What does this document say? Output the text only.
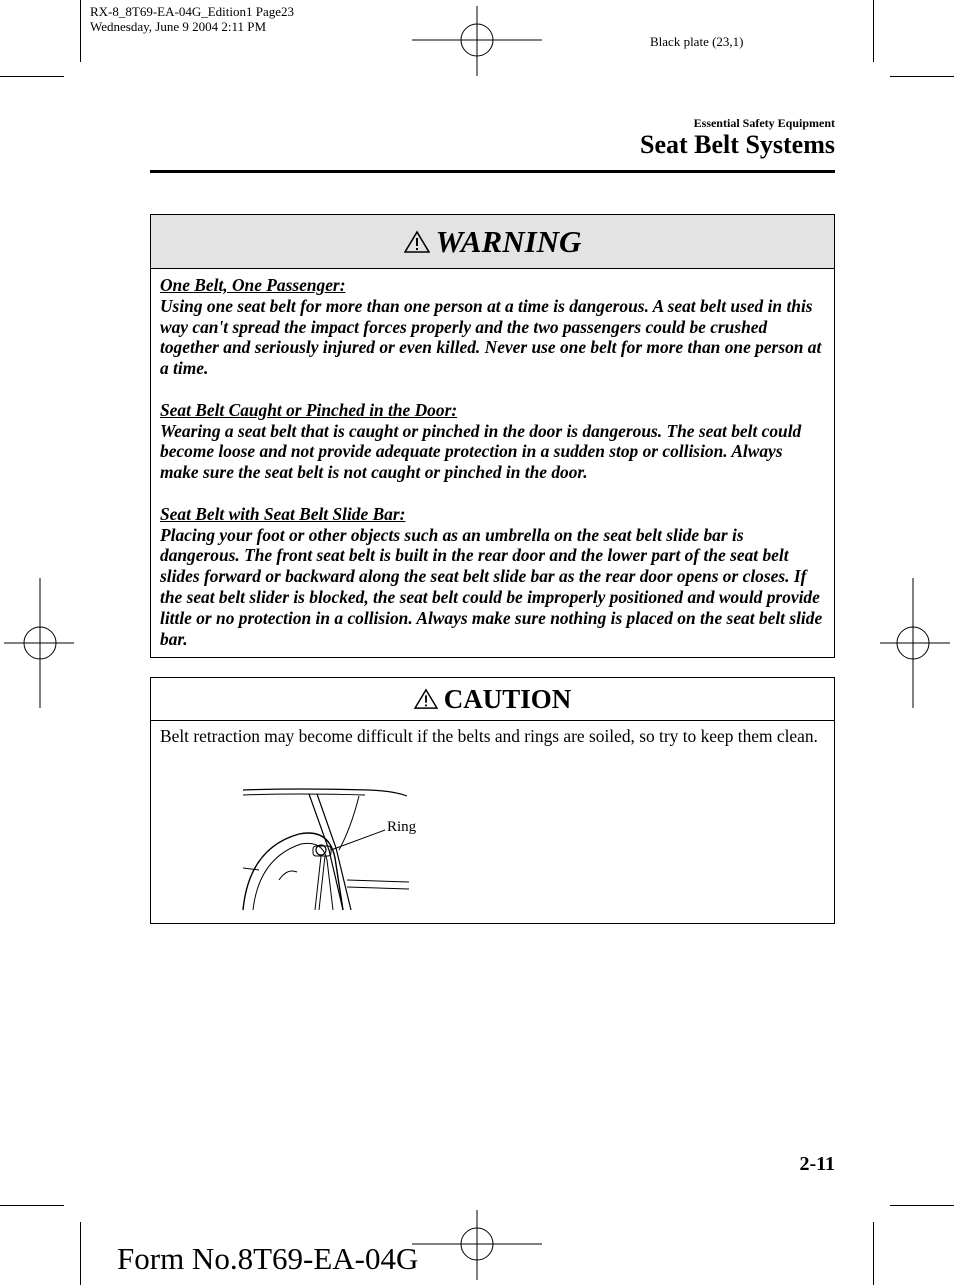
RX-8_8T69-EA-04G_Edition1 Page23
Wednesday, June 9 2004 2:11 PM
Black plate (23,1)
Essential Safety Equipment
Seat Belt Systems
WARNING

One Belt, One Passenger:
Using one seat belt for more than one person at a time is dangerous. A seat belt used in this way can't spread the impact forces properly and the two passengers could be crushed together and seriously injured or even killed. Never use one belt for more than one person at a time.

Seat Belt Caught or Pinched in the Door:
Wearing a seat belt that is caught or pinched in the door is dangerous. The seat belt could become loose and not provide adequate protection in a sudden stop or collision. Always make sure the seat belt is not caught or pinched in the door.

Seat Belt with Seat Belt Slide Bar:
Placing your foot or other objects such as an umbrella on the seat belt slide bar is dangerous. The front seat belt is built in the rear door and the lower part of the seat belt slides forward or backward along the seat belt slide bar as the rear door opens or closes. If the seat belt slider is blocked, the seat belt could be improperly positioned and would provide little or no protection in a collision. Always make sure nothing is placed on the seat belt slide bar.

CAUTION
Belt retraction may become difficult if the belts and rings are soiled, so try to keep them clean.
Ring
2-11
Form No.8T69-EA-04G
